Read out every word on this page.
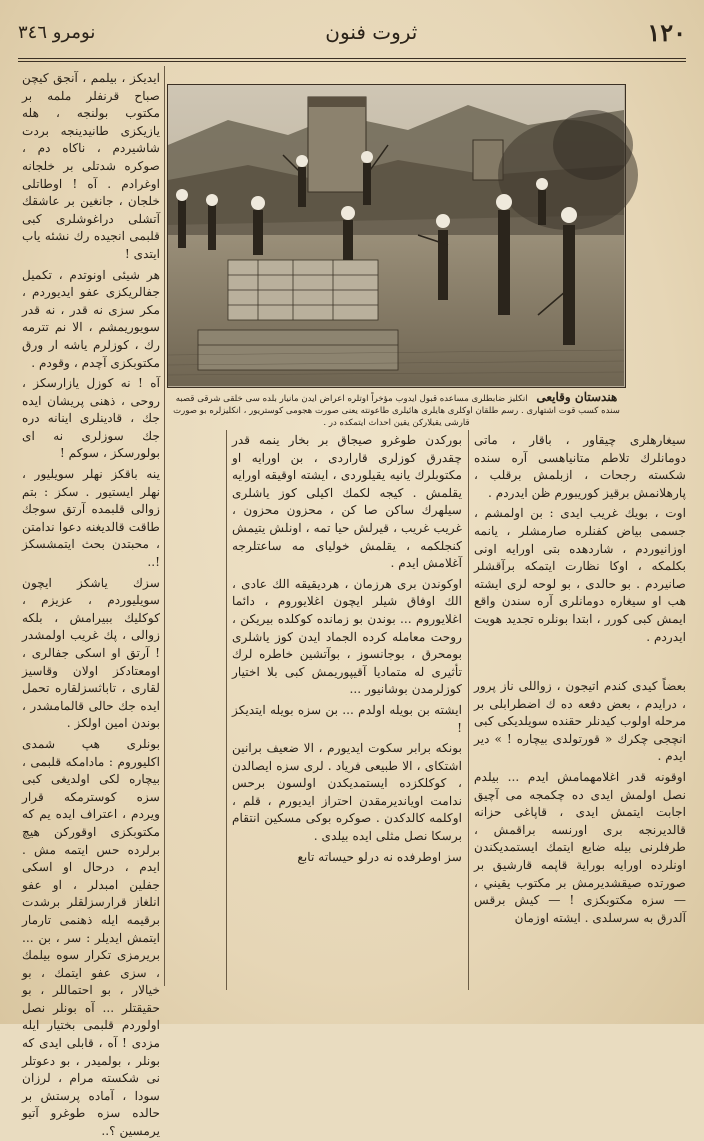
١٢٠
ثروت فنون
نومرو ٣٤٦

ايديكز ، بيلمم ، آنجق كيچن صباح قرنفلر ملمه بر مكتوب بولنجه ، هله يازيكزى طانيدينجه بردت شاشيردم ، ناكاه دم ، صوكره شدتلى بر خلجانه اوغرادم . آه ! اوطاتلى خلجان ، جانغين بر عاشقك آتشلى دراغوشلرى كبى قلبمى انجيده رك نشئه ياب ايتدى !

هر شيئى اونوتدم ، تكميل جفالريكزى عفو ايديوردم ، مكر سزى نه قدر ، نه قدر سويوريمشم ، الا نم تترمه رك ، كوزلرم ياشه ار ورق مكتوبكزى آچدم ، وقودم .

آه ! نه كوزل يازارسكز ، روحى ، ذهنى پريشان ايده جك ، قادينلرى اينانه دره جك سوزلرى نه اى بولورسكز ، سوكم !

ينه باقكز نهلر سويليور ، نهلر ايستيور . سكز : بتم زوالى قلبمده آرتق سوجك طاقت قالديغنه دعوا ندامتن ، محبتدن بحث ايتمشسكز !..

سزك ياشكز ايچون سويليوردم ، عزيزم ، كوكليك ببيرامش ، بلكه زوالى ، پك غريب اولمشدر ! آرتق او اسكى جفالرى ، اومعتادكز اولان وقاسيز لقارى ، تاباثسزلقاره تحمل ايده جك حالى قالمامشدر ، بوندن امين اولكز .

بونلرى هپ شمدى اكليوروم : مادامكه قلبمى ، بيچاره لكى اولديغى كبى سزه كوسترمكه قرار ويردم ، اعتراف ايده يم كه مكتوبكزى اوقوركن هيچ برلرده حس ايتمه مش . ايدم ، درحال او اسكى جفلين امبدلر ، او عفو انلغاز قرارسزلقلر برشدت برقيمه ايله ذهنمى تارمار ايتمش ايديلر : سر ، بن ... بريرمزى تكرار سوه بيلمك ، سزى عفو ايتمك ، بو خيالار ، بو احتماللر ، بو حقيقتلر ... آه بونلر نصل اولوردم قلبمى بختيار ايله مزدى ! آه ، قابلى ايدى كه بونلر ، بولميدر ، بو دعوتلر نى شكسته مرام ، لرزان سودا ، آماده پرستش بر حالده سزه طوغرو آتيو يرمسين ؟..

هندستان وقايعى انكليز ضابطلرى مساعده قبول ايدوب مؤخراً اوتلره اعراض ايدن مانيار بلده سى خلقى شرقى قصبه سنده كسب قوت اشتهارى . رسم طلقان اوكلرى هايلرى هائيلرى طاعونته يعنى صورت هجومى كوستريور ، انكليزلره بو صورت قارشى يقيلاركن يقين احداث ايتمكده در .

سيغارهلرى چيقاور ، باقار ، ماتى دومانلرك تلاطم متانياهسى آره سنده شكسته رجحات ، ازبلمش برقلب ، پارهلانمش برقيز كوريبورم ظن ايدردم .

اوت ، بويك غريب ايدى : بن اولمشم ، جسمى بياض كفنلره صارمشلر ، يانمه اوزانيوردم ، شاردهده بتى اورايه اونى بكلمكه ، اوكا نظارت ايتمكه برآقشلر صانيردم . بو حالدى ، بو لوحه لرى ايشته هب او سيغاره دومانلرى آره سندن واقع ايمش كبى كورر ، ابتدا بونلره تجديد هويت ايدردم .

بعضاً كيدى كندم اتيجون ، زواللى ناز پرور ، درايدم ، بعض دفعه ده ك اضطرابلى بر مرحله اولوب كيدنلر حقنده سويلديكى كبى انچجى چكرك « قورتولدى بيچاره ! » دير ايدم .

اوقونه قدر اغلامهمامش ايدم ... بيلدم نصل اولمش ايدى ده چكمجه مى آچيق اجابت ايتمش ايدى ، قاپاغى حزانه قالديرنجه برى اورنسه براقمش ، طرفلرنى بيله ضايع ايتمك ايستمديكندن اونلرده اورايه بوراية قاپمه قارشيق بر صورتده صيقشديرمش بر مكتوب يقيني ، — سزه مكتوبكزى ! — كيش برقس آلدرق به سرسلدى . ايشته اوزمان

بوركدن طوغرو صيجاق بر بخار ينمه قدر چقدرق كوزلرى قاراردى ، بن اورايه او مكتوبلرك يانيه يقيلوردى ، ايشته اوقيقه اورايه يقلمش . كيجه لكمك اكيلى كوز ياشلرى سيلهرك ساكن صا كن ، محزون محزون ، غريب غريب ، قيرلش حيا تمه ، اونلش يتيمش كنجلكمه ، يقلمش خولياى مه ساعتلرجه آغلامش ايدم .

اوكوندن برى هرزمان ، هرديقيقه الك عادى ، الك اوفاق شيلر ايچون اغلايوروم ، دائما اغلايوروم ... بوندن بو زمانده كوكلده بيريكن ، روحت معامله كرده الجماد ايدن كوز ياشلرى بومحرق ، بوجانسوز ، بوآتشين خاطره لرك تأثيرى له متماديا آقيپوريمش كبى بلا اختيار كوزلرمدن بوشانيور ...

ايشته بن بويله اولدم ... بن سزه بويله ايتديكز !

بونكه برابر سكوت ايديورم ، الا ضعيف برانين اشتكاى ، الا طبيعى فرياد . لرى سزه ايصالدن ، كوكلكزده ايستمديكدن اولسون برحس ندامت اويانديرمقدن احتراز ايديورم ، قلم ، اوكلمه كالدكدن . صوكره بوكى مسكين انتقام برسكا نصل مثلى ايده بيلدى .

سز اوطرفده نه درلو حيساته تابع
